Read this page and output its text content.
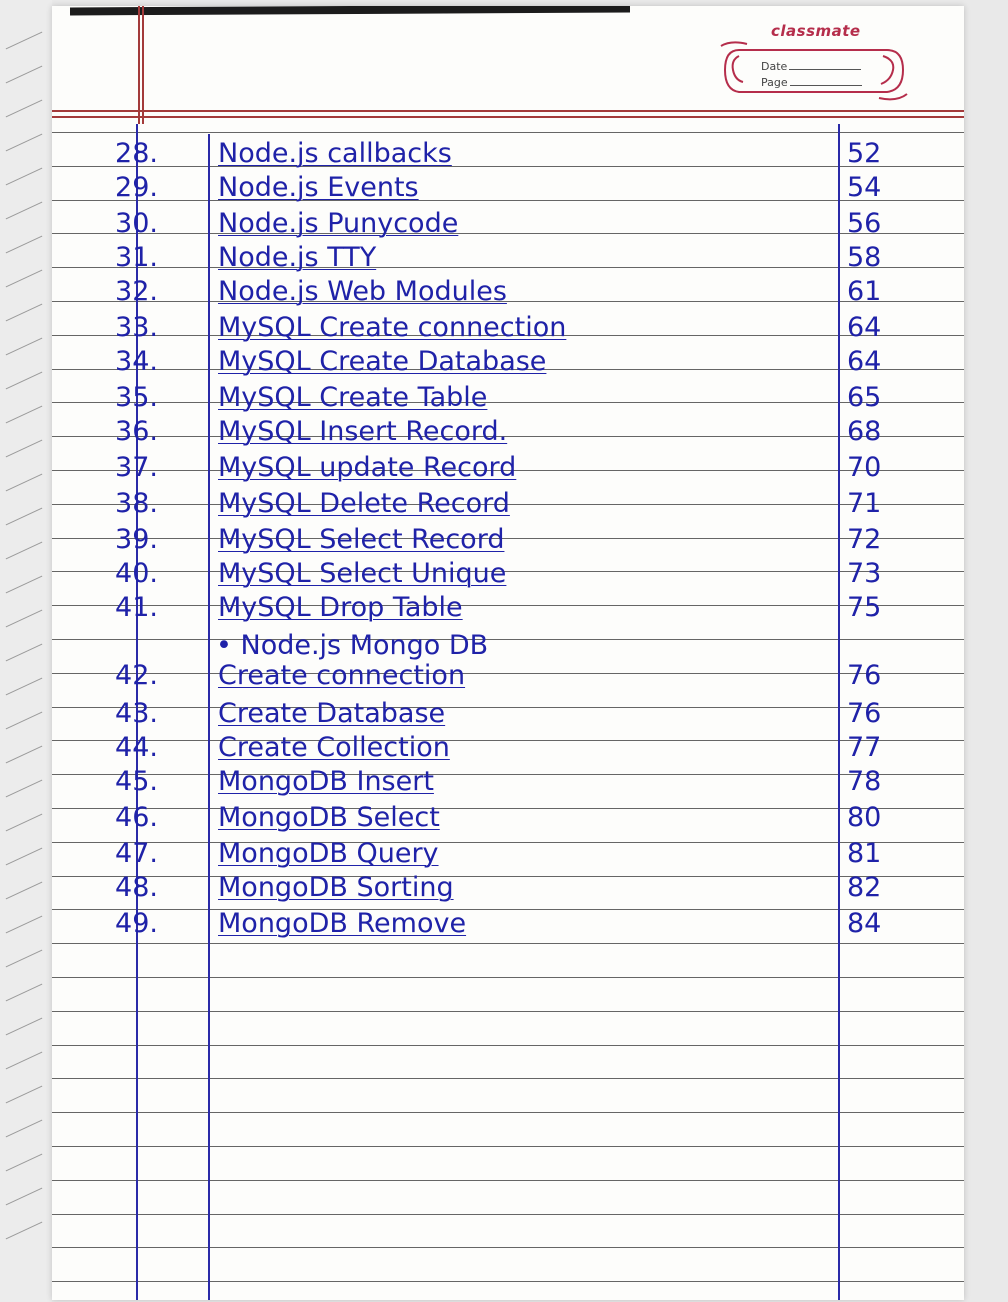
classmate
Date
Page
28. Node.js callbacks	52
29. Node.js Events	54
30. Node.js Punycode	56
31. Node.js TTY	58
32. Node.js Web Modules	61
33. MySQL Create connection	64
34. MySQL Create Database	64
35. MySQL Create Table	65
36. MySQL Insert Record.	68
37. MySQL update Record	70
38. MySQL Delete Record	71
39. MySQL Select Record	72
40. MySQL Select Unique	73
41. MySQL Drop Table	75
42. Create connection	76
43. Create Database	76
44. Create Collection	77
45. MongoDB Insert	78
46. MongoDB Select	80
47. MongoDB Query	81
48. MongoDB Sorting	82
49. MongoDB Remove	84
• Node.js Mongo DB
